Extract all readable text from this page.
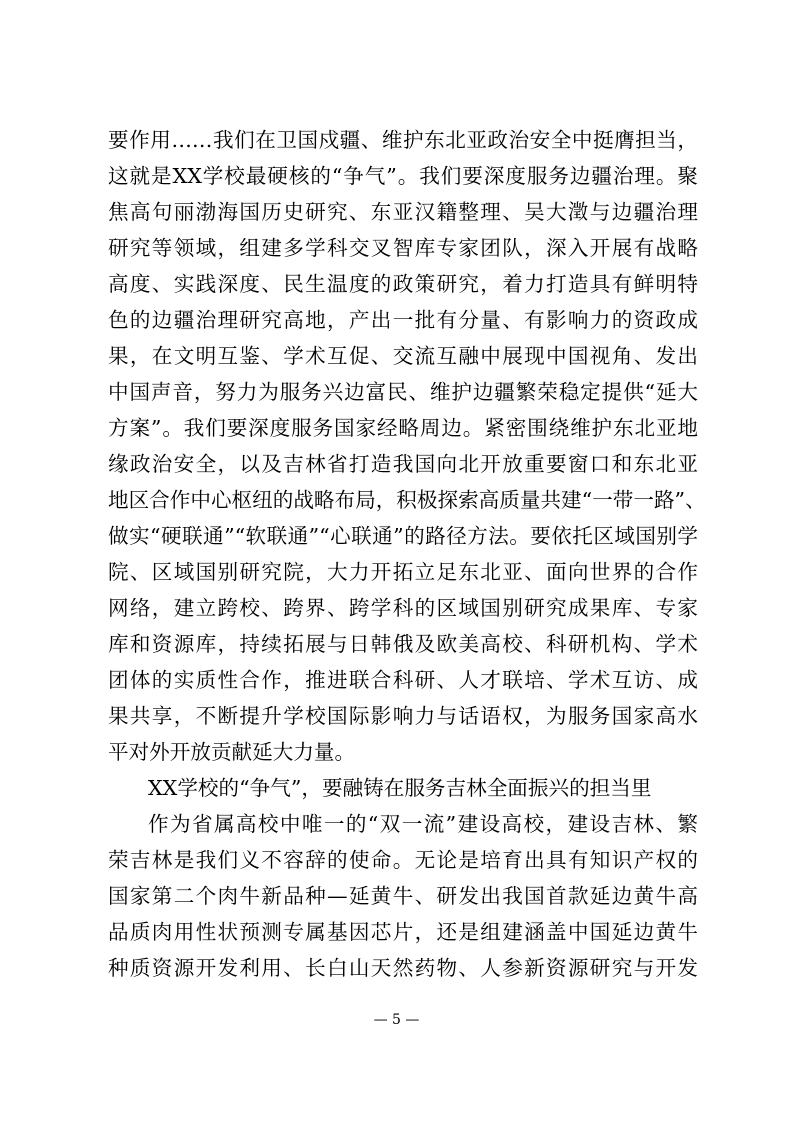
要作用……我们在卫国戍疆、维护东北亚政治安全中挺膺担当，
这就是XX学校最硬核的“争气”。我们要深度服务边疆治理。聚
焦高句丽渤海国历史研究、东亚汉籍整理、吴大澂与边疆治理
研究等领域，组建多学科交叉智库专家团队，深入开展有战略
高度、实践深度、民生温度的政策研究，着力打造具有鲜明特
色的边疆治理研究高地，产出一批有分量、有影响力的资政成
果，在文明互鉴、学术互促、交流互融中展现中国视角、发出
中国声音，努力为服务兴边富民、维护边疆繁荣稳定提供“延大
方案”。我们要深度服务国家经略周边。紧密围绕维护东北亚地
缘政治安全，以及吉林省打造我国向北开放重要窗口和东北亚
地区合作中心枢纽的战略布局，积极探索高质量共建“一带一路”、
做实“硬联通”“软联通”“心联通”的路径方法。要依托区域国别学
院、区域国别研究院，大力开拓立足东北亚、面向世界的合作
网络，建立跨校、跨界、跨学科的区域国别研究成果库、专家
库和资源库，持续拓展与日韩俄及欧美高校、科研机构、学术
团体的实质性合作，推进联合科研、人才联培、学术互访、成
果共享，不断提升学校国际影响力与话语权，为服务国家高水
平对外开放贡献延大力量。
XX学校的“争气”，要融铸在服务吉林全面振兴的担当里
作为省属高校中唯一的“双一流”建设高校，建设吉林、繁
荣吉林是我们义不容辞的使命。无论是培育出具有知识产权的
国家第二个肉牛新品种—延黄牛、研发出我国首款延边黄牛高
品质肉用性状预测专属基因芯片，还是组建涵盖中国延边黄牛
种质资源开发利用、长白山天然药物、人参新资源研究与开发
— 5 —
